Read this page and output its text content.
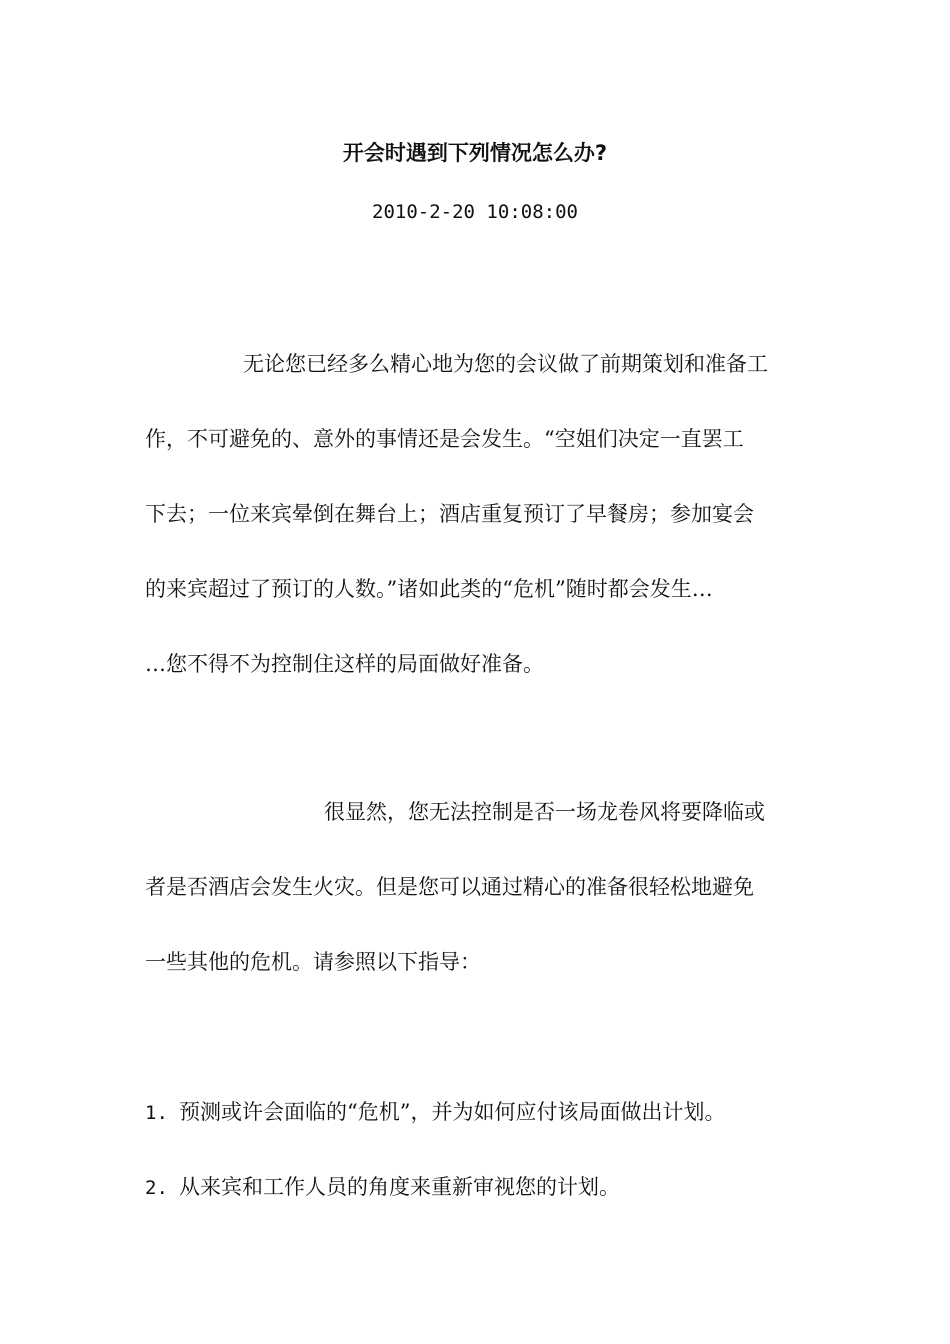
开会时遇到下列情况怎么办?
2010-2-20 10:08:00
无论您已经多么精心地为您的会议做了前期策划和准备工
作，不可避免的、意外的事情还是会发生。“空姐们决定一直罢工
下去；一位来宾晕倒在舞台上；酒店重复预订了早餐房；参加宴会
的来宾超过了预订的人数。”诸如此类的“危机”随时都会发生…
…您不得不为控制住这样的局面做好准备。
很显然，您无法控制是否一场龙卷风将要降临或
者是否酒店会发生火灾。但是您可以通过精心的准备很轻松地避免
一些其他的危机。请参照以下指导：
1. 预测或许会面临的“危机”，并为如何应付该局面做出计划。
2. 从来宾和工作人员的角度来重新审视您的计划。
